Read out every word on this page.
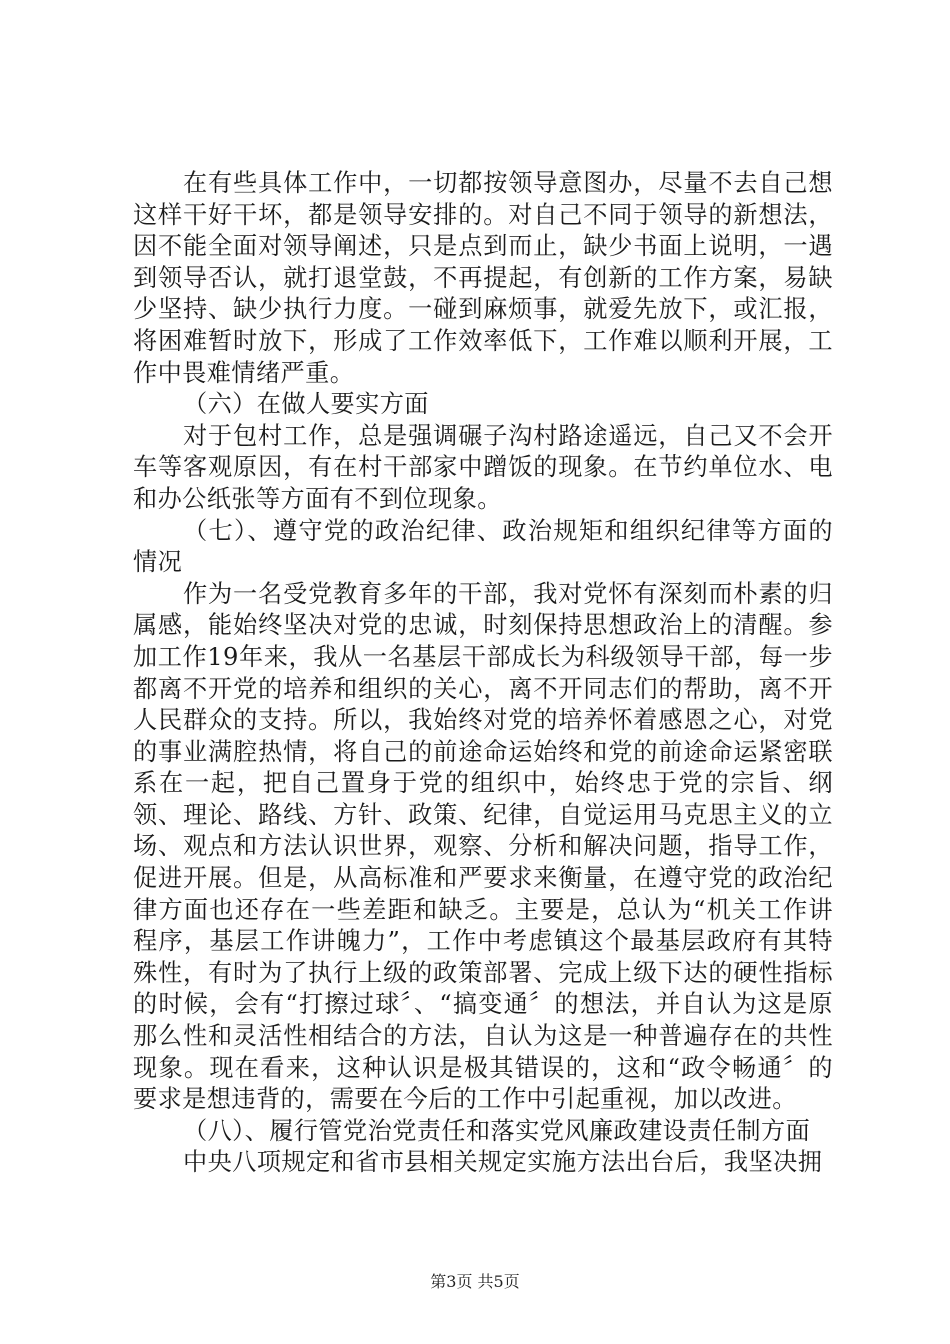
在有些具体工作中，一切都按领导意图办，尽量不去自己想这样干好干坏，都是领导安排的。对自己不同于领导的新想法，因不能全面对领导阐述，只是点到而止，缺少书面上说明，一遇到领导否认，就打退堂鼓，不再提起，有创新的工作方案，易缺少坚持、缺少执行力度。一碰到麻烦事，就爱先放下，或汇报，将困难暂时放下，形成了工作效率低下，工作难以顺利开展，工作中畏难情绪严重。

（六）在做人要实方面

对于包村工作，总是强调碾子沟村路途遥远，自己又不会开车等客观原因，有在村干部家中蹭饭的现象。在节约单位水、电和办公纸张等方面有不到位现象。

（七）、遵守党的政治纪律、政治规矩和组织纪律等方面的情况

作为一名受党教育多年的干部，我对党怀有深刻而朴素的归属感，能始终坚决对党的忠诚，时刻保持思想政治上的清醒。参加工作19年来，我从一名基层干部成长为科级领导干部，每一步都离不开党的培养和组织的关心，离不开同志们的帮助，离不开人民群众的支持。所以，我始终对党的培养怀着感恩之心，对党的事业满腔热情，将自己的前途命运始终和党的前途命运紧密联系在一起，把自己置身于党的组织中，始终忠于党的宗旨、纲领、理论、路线、方针、政策、纪律，自觉运用马克思主义的立场、观点和方法认识世界，观察、分析和解决问题，指导工作，促进开展。但是，从高标准和严要求来衡量，在遵守党的政治纪律方面也还存在一些差距和缺乏。主要是，总认为“机关工作讲程序，基层工作讲魄力”，工作中考虑镇这个最基层政府有其特殊性，有时为了执行上级的政策部署、完成上级下达的硬性指标的时候，会有“打擦过球〞、“搞变通〞的想法，并自认为这是原那么性和灵活性相结合的方法，自认为这是一种普遍存在的共性现象。现在看来，这种认识是极其错误的，这和“政令畅通〞的要求是想违背的，需要在今后的工作中引起重视，加以改进。

（八）、履行管党治党责任和落实党风廉政建设责任制方面

中央八项规定和省市县相关规定实施方法出台后，我坚决拥

第3页 共5页
